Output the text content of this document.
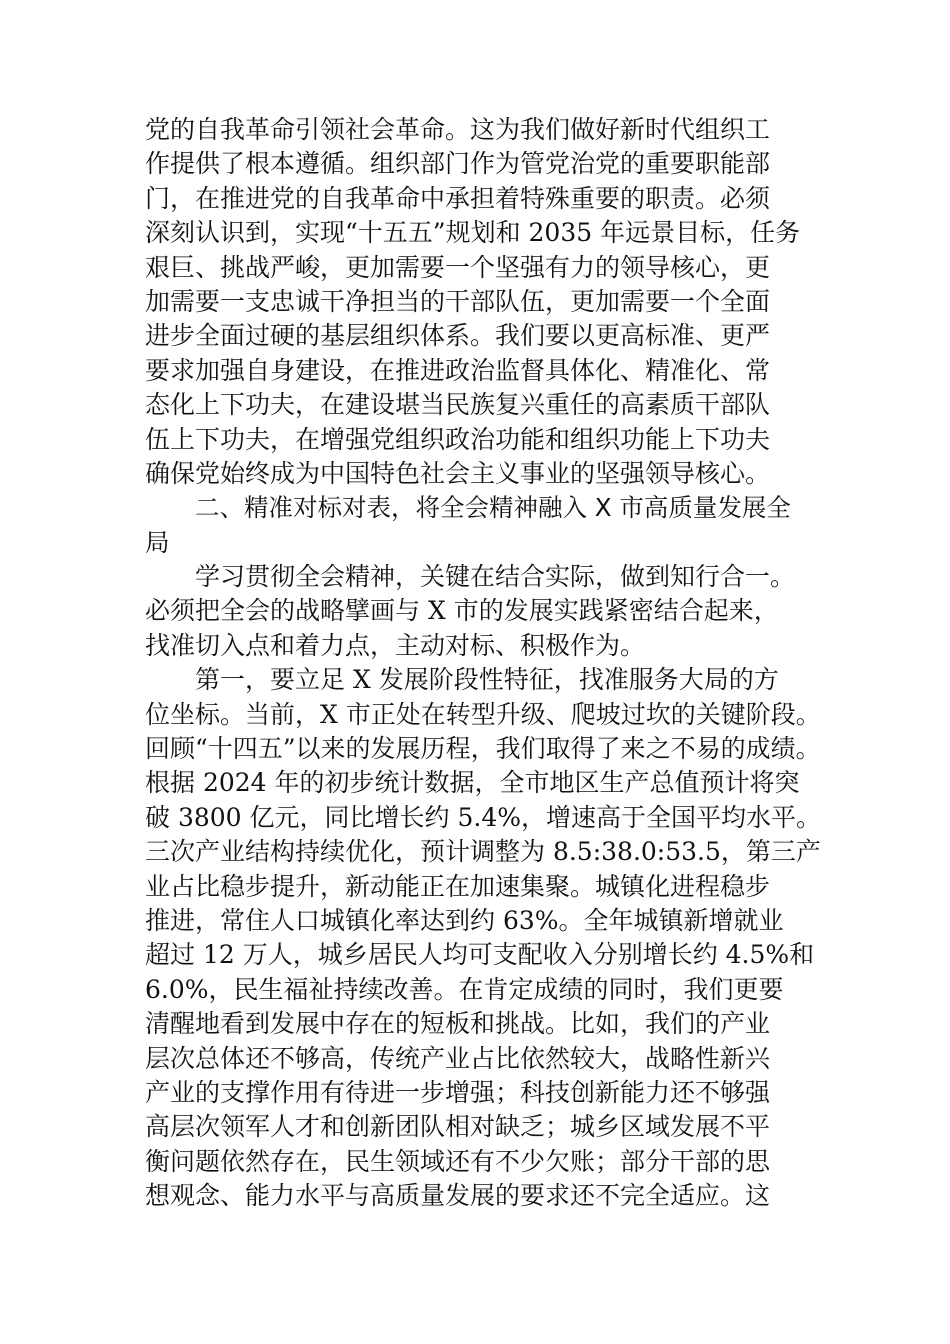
党的自我革命引领社会革命。这为我们做好新时代组织工
作提供了根本遵循。组织部门作为管党治党的重要职能部
门，在推进党的自我革命中承担着特殊重要的职责。必须
深刻认识到，实现“十五五”规划和 2035 年远景目标，任务
艰巨、挑战严峻，更加需要一个坚强有力的领导核心，更
加需要一支忠诚干净担当的干部队伍，更加需要一个全面
进步全面过硬的基层组织体系。我们要以更高标准、更严
要求加强自身建设，在推进政治监督具体化、精准化、常
态化上下功夫，在建设堪当民族复兴重任的高素质干部队
伍上下功夫，在增强党组织政治功能和组织功能上下功夫
确保党始终成为中国特色社会主义事业的坚强领导核心。
二、精准对标对表，将全会精神融入 X 市高质量发展全
局
学习贯彻全会精神，关键在结合实际，做到知行合一。
必须把全会的战略擘画与 X 市的发展实践紧密结合起来，
找准切入点和着力点，主动对标、积极作为。
第一，要立足 X 发展阶段性特征，找准服务大局的方
位坐标。当前，X 市正处在转型升级、爬坡过坎的关键阶段。
回顾“十四五”以来的发展历程，我们取得了来之不易的成绩。
根据 2024 年的初步统计数据，全市地区生产总值预计将突
破 3800 亿元，同比增长约 5.4%，增速高于全国平均水平。
三次产业结构持续优化，预计调整为 8.5:38.0:53.5，第三产
业占比稳步提升，新动能正在加速集聚。城镇化进程稳步
推进，常住人口城镇化率达到约 63%。全年城镇新增就业
超过 12 万人，城乡居民人均可支配收入分别增长约 4.5%和
6.0%，民生福祉持续改善。在肯定成绩的同时，我们更要
清醒地看到发展中存在的短板和挑战。比如，我们的产业
层次总体还不够高，传统产业占比依然较大，战略性新兴
产业的支撑作用有待进一步增强；科技创新能力还不够强
高层次领军人才和创新团队相对缺乏；城乡区域发展不平
衡问题依然存在，民生领域还有不少欠账；部分干部的思
想观念、能力水平与高质量发展的要求还不完全适应。这
